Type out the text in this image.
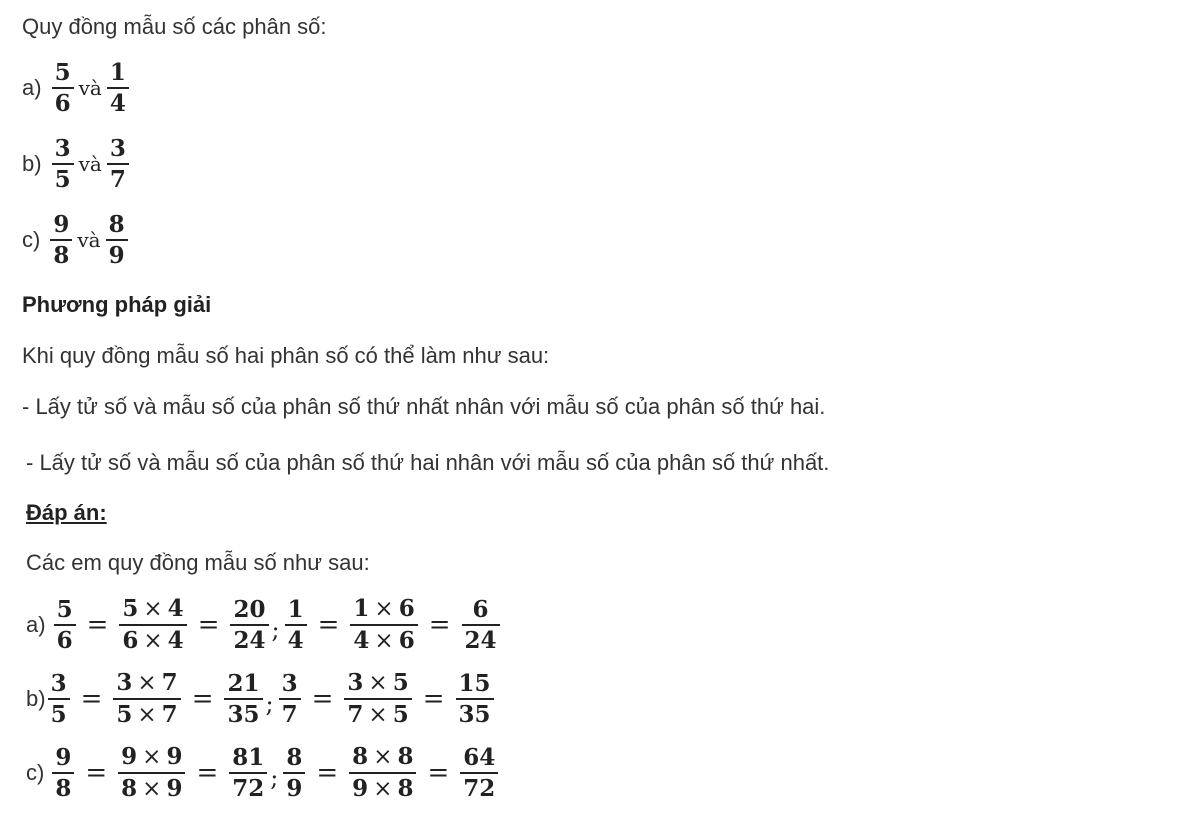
Quy đồng mẫu số các phân số:
$a) \frac{5}{6}$ và $\frac{1}{4}$
$b) \frac{3}{5}$ và $\frac{3}{7}$
$c) \frac{9}{8}$ và $\frac{8}{9}$
Phương pháp giải
Khi quy đồng mẫu số hai phân số có thể làm như sau:
- Lấy tử số và mẫu số của phân số thứ nhất nhân với mẫu số của phân số thứ hai.
- Lấy tử số và mẫu số của phân số thứ hai nhân với mẫu số của phân số thứ nhất.
Đáp án:
Các em quy đồng mẫu số như sau:
$a) \frac{5}{6} = \frac{5 \times 4}{6 \times 4} = \frac{20}{24}$ ; $\frac{1}{4} = \frac{1 \times 6}{4 \times 6} = \frac{6}{24}$
$b) \frac{3}{5} = \frac{3 \times 7}{5 \times 7} = \frac{21}{35}$ ; $\frac{3}{7} = \frac{3 \times 5}{7 \times 5} = \frac{15}{35}$
$c) \frac{9}{8} = \frac{9 \times 9}{8 \times 9} = \frac{81}{72}$ ; $\frac{8}{9} = \frac{8 \times 8}{9 \times 8} = \frac{64}{72}$
